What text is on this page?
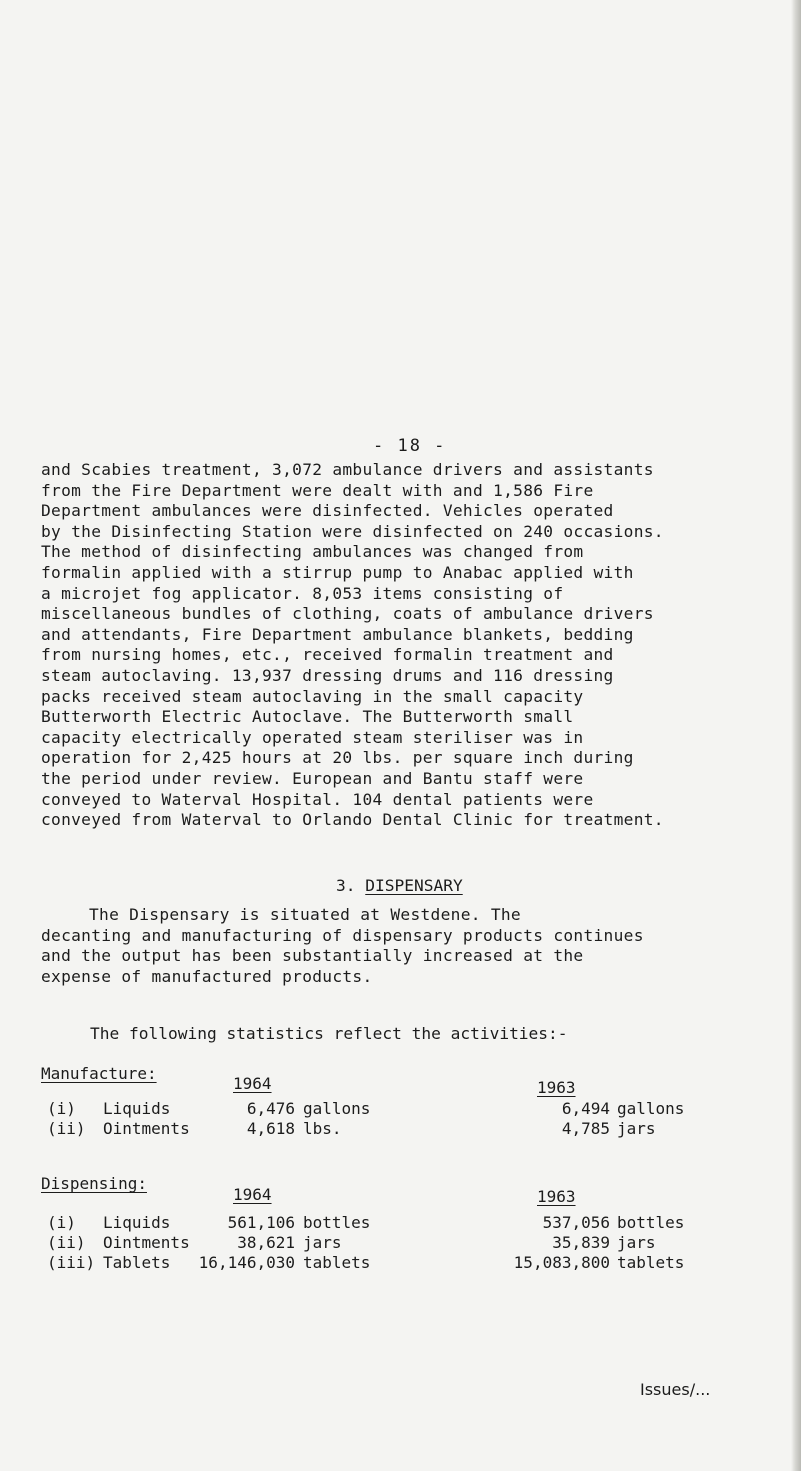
- 18 -

and Scabies treatment, 3,072 ambulance drivers and assistants

from the Fire Department were dealt with and 1,586 Fire

Department ambulances were disinfected. Vehicles operated

by the Disinfecting Station were disinfected on 240 occasions.

The method of disinfecting ambulances was changed from

formalin applied with a stirrup pump to Anabac applied with

a microjet fog applicator. 8,053 items consisting of

miscellaneous bundles of clothing, coats of ambulance drivers

and attendants, Fire Department ambulance blankets, bedding

from nursing homes, etc., received formalin treatment and

steam autoclaving. 13,937 dressing drums and 116 dressing

packs received steam autoclaving in the small capacity

Butterworth Electric Autoclave. The Butterworth small

capacity electrically operated steam steriliser was in

operation for 2,425 hours at 20 lbs. per square inch during

the period under review. European and Bantu staff were

conveyed to Waterval Hospital. 104 dental patients were

conveyed from Waterval to Orlando Dental Clinic for treatment.

3. DISPENSARY

The Dispensary is situated at Westdene. The

decanting and manufacturing of dispensary products continues

and the output has been substantially increased at the

expense of manufactured products.

The following statistics reflect the activities:-
Manufacture:
1964	1963
(i) Liquids	6,476 gallons	6,494 gallons
(ii) Ointments	4,618 lbs.	4,785 jars
Dispensing:
1964	1963
(i) Liquids	561,106 bottles	537,056 bottles
(ii) Ointments	38,621 jars	35,839 jars
(iii) Tablets	16,146,030 tablets	15,083,800 tablets
Issues/...
